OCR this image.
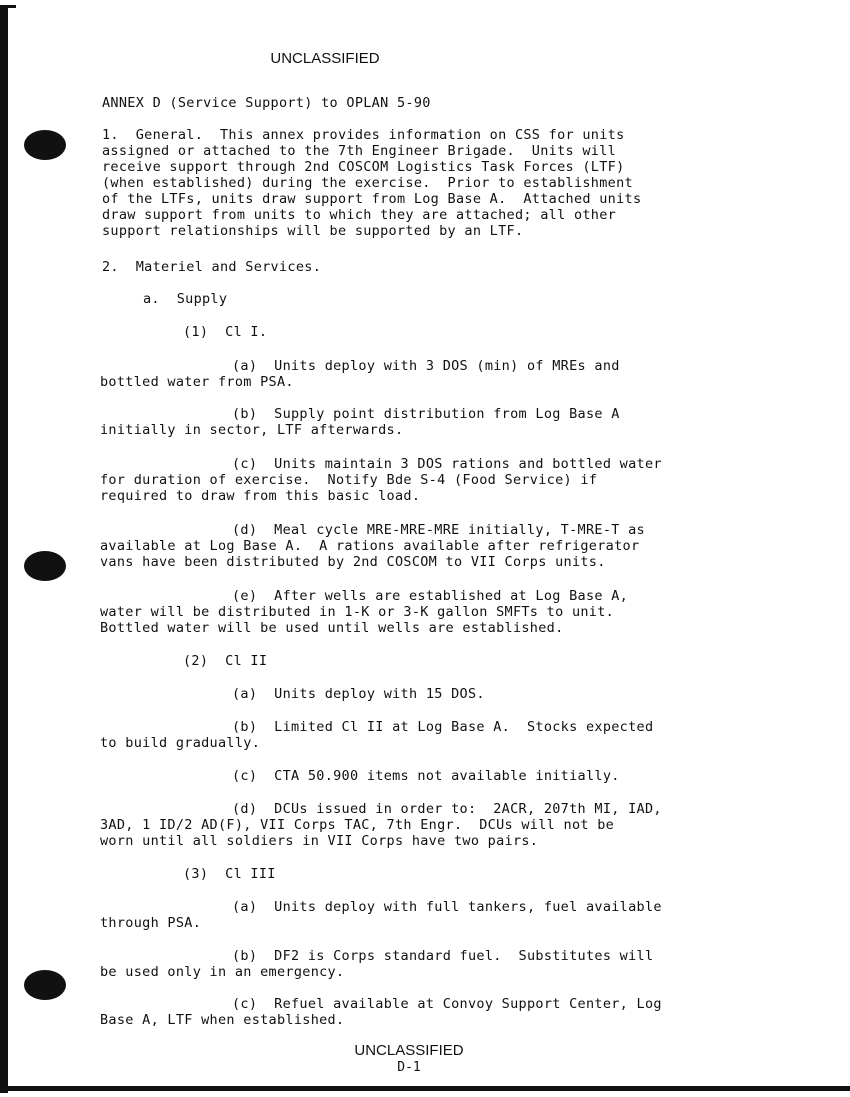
UNCLASSIFIED
ANNEX D (Service Support) to OPLAN 5-90
1.  General.  This annex provides information on CSS for units
assigned or attached to the 7th Engineer Brigade.  Units will
receive support through 2nd COSCOM Logistics Task Forces (LTF)
(when established) during the exercise.  Prior to establishment
of the LTFs, units draw support from Log Base A.  Attached units
draw support from units to which they are attached; all other
support relationships will be supported by an LTF.
2.  Materiel and Services.
a.  Supply
(1)  Cl I.
(a)  Units deploy with 3 DOS (min) of MREs and
bottled water from PSA.
(b)  Supply point distribution from Log Base A
initially in sector, LTF afterwards.
(c)  Units maintain 3 DOS rations and bottled water
for duration of exercise.  Notify Bde S-4 (Food Service) if
required to draw from this basic load.
(d)  Meal cycle MRE-MRE-MRE initially, T-MRE-T as
available at Log Base A.  A rations available after refrigerator
vans have been distributed by 2nd COSCOM to VII Corps units.
(e)  After wells are established at Log Base A,
water will be distributed in 1-K or 3-K gallon SMFTs to unit.
Bottled water will be used until wells are established.
(2)  Cl II
(a)  Units deploy with 15 DOS.
(b)  Limited Cl II at Log Base A.  Stocks expected
to build gradually.
(c)  CTA 50.900 items not available initially.
(d)  DCUs issued in order to:  2ACR, 207th MI, IAD,
3AD, 1 ID/2 AD(F), VII Corps TAC, 7th Engr.  DCUs will not be
worn until all soldiers in VII Corps have two pairs.
(3)  Cl III
(a)  Units deploy with full tankers, fuel available
through PSA.
(b)  DF2 is Corps standard fuel.  Substitutes will
be used only in an emergency.
(c)  Refuel available at Convoy Support Center, Log
Base A, LTF when established.
UNCLASSIFIED
D-1
